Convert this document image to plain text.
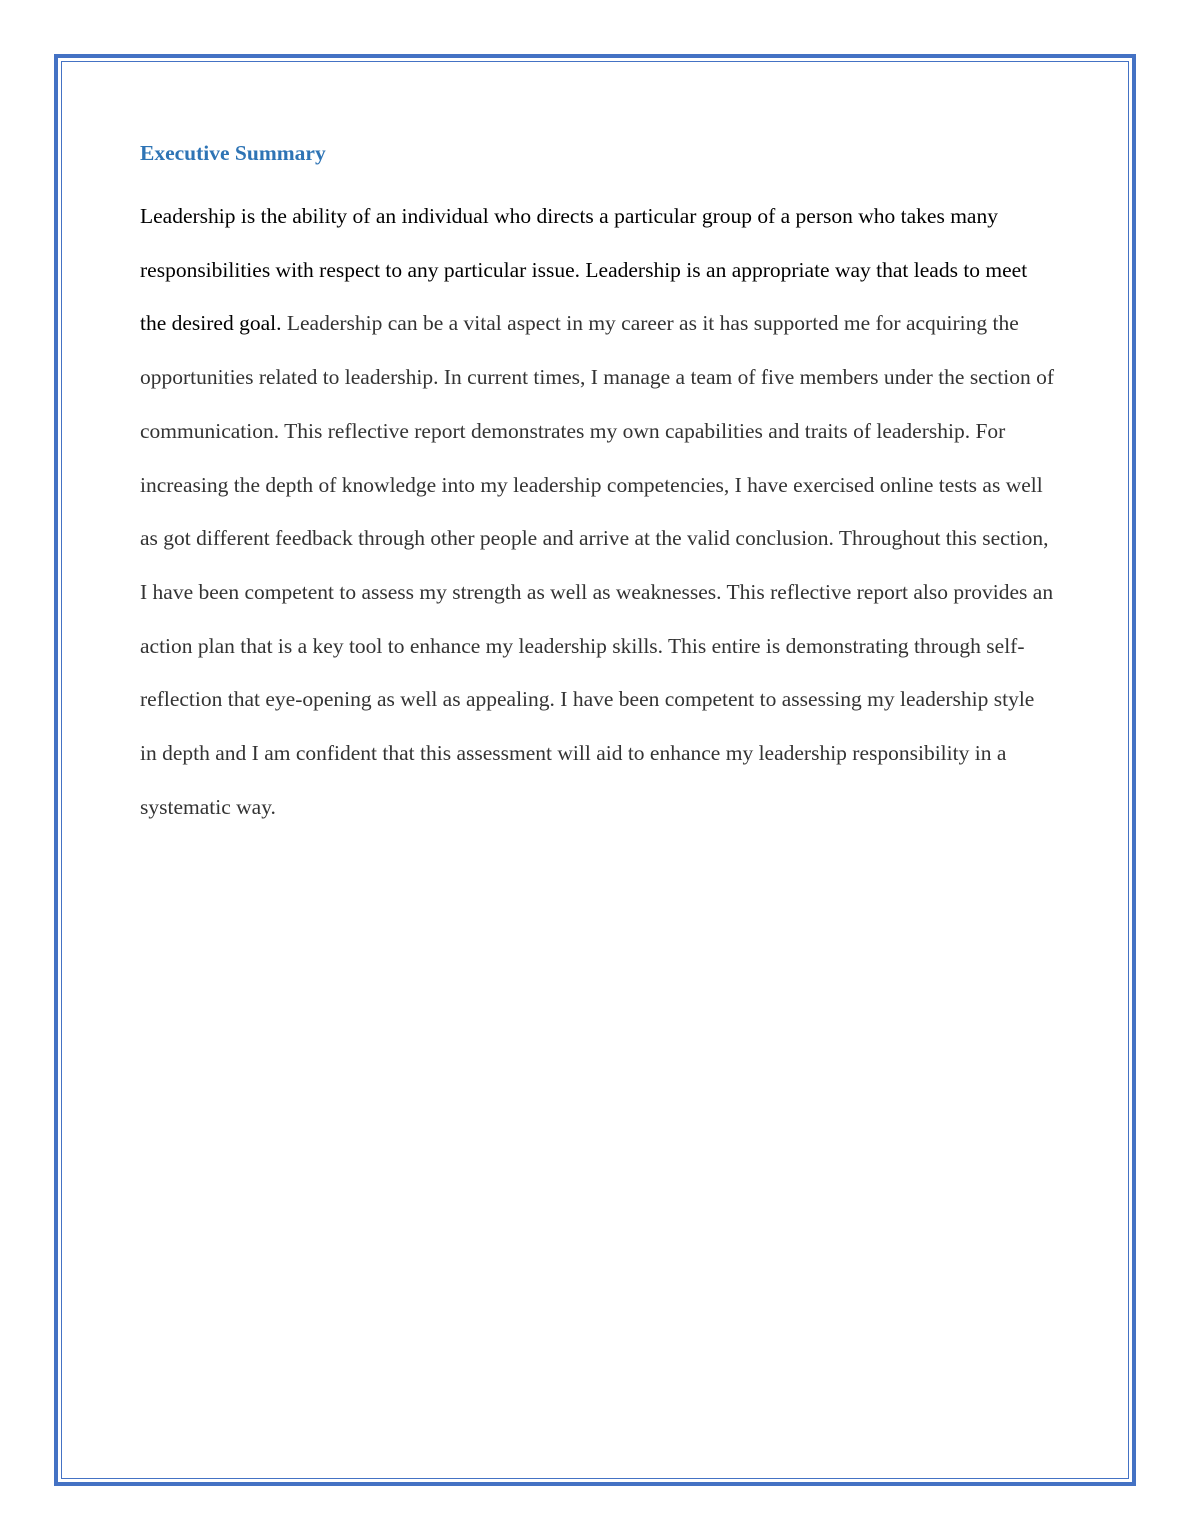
Executive Summary

Leadership is the ability of an individual who directs a particular group of a person who takes many responsibilities with respect to any particular issue. Leadership is an appropriate way that leads to meet the desired goal. Leadership can be a vital aspect in my career as it has supported me for acquiring the opportunities related to leadership. In current times, I manage a team of five members under the section of communication. This reflective report demonstrates my own capabilities and traits of leadership. For increasing the depth of knowledge into my leadership competencies, I have exercised online tests as well as got different feedback through other people and arrive at the valid conclusion. Throughout this section, I have been competent to assess my strength as well as weaknesses. This reflective report also provides an action plan that is a key tool to enhance my leadership skills. This entire is demonstrating through self-reflection that eye-opening as well as appealing. I have been competent to assessing my leadership style in depth and I am confident that this assessment will aid to enhance my leadership responsibility in a systematic way.
